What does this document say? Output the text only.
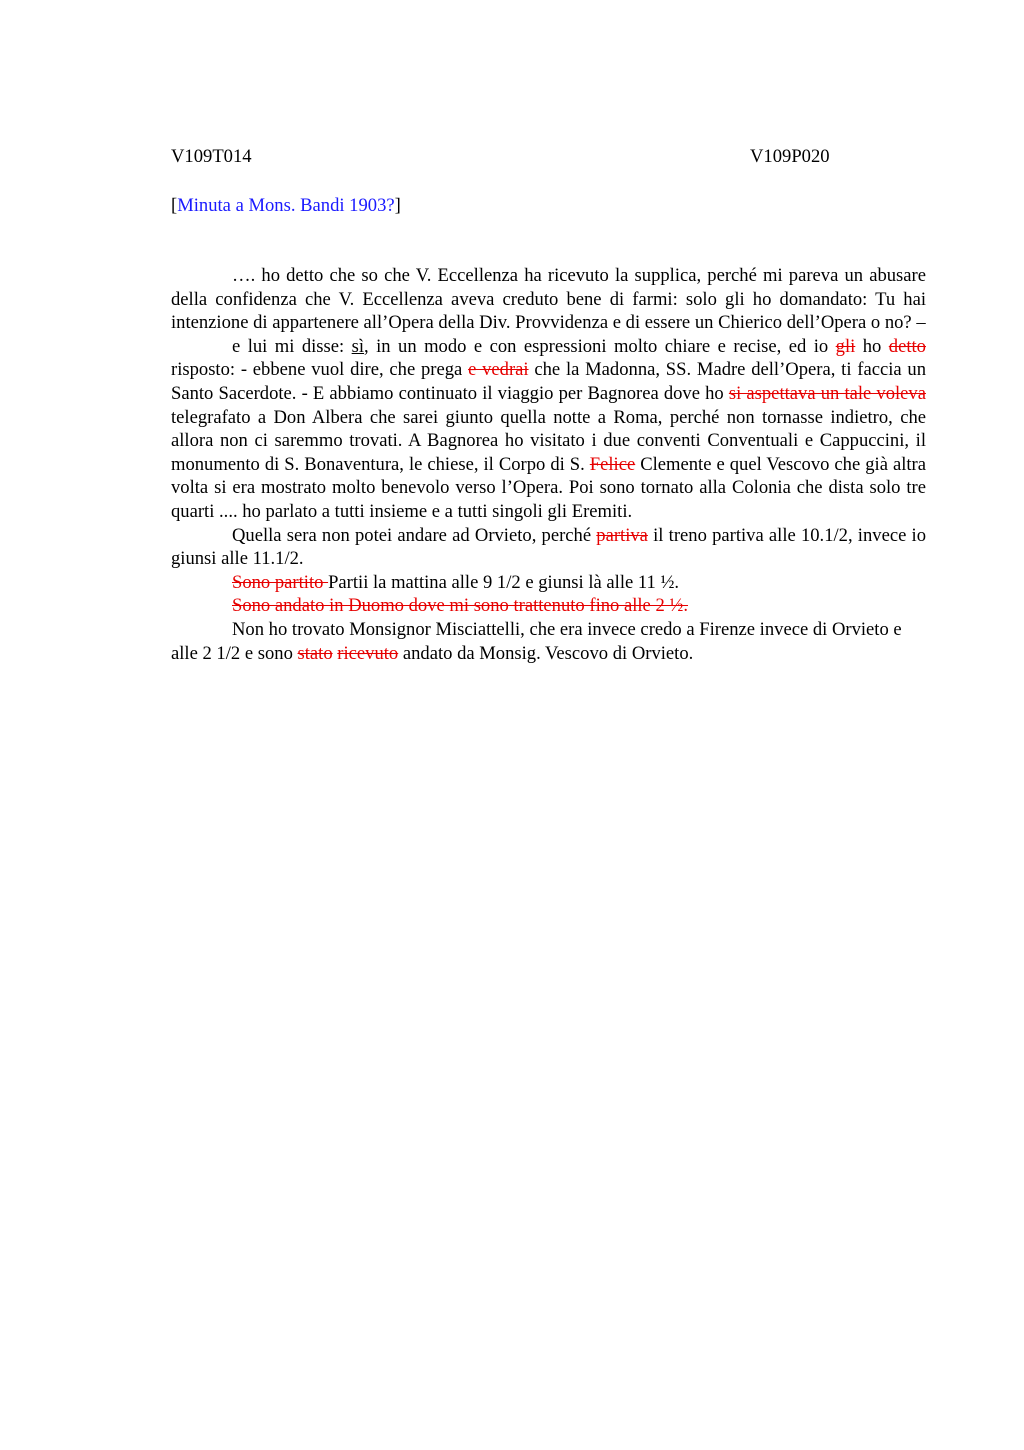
V109T014	V109P020
[Minuta a Mons. Bandi 1903?]

…. ho detto che so che V. Eccellenza ha ricevuto la supplica, perché mi pareva un abusare della confidenza che V. Eccellenza aveva creduto bene di farmi: solo gli ho domandato: Tu hai intenzione di appartenere all’Opera della Div. Provvidenza e di essere un Chierico dell’Opera o no? –

e lui mi disse: sì, in un modo e con espressioni molto chiare e recise, ed io gli ho detto risposto: - ebbene vuol dire, che prega e vedrai che la Madonna, SS. Madre dell’Opera, ti faccia un Santo Sacerdote. - E abbiamo continuato il viaggio per Bagnorea dove ho si aspettava un tale voleva telegrafato a Don Albera che sarei giunto quella notte a Roma, perché non tornasse indietro, che allora non ci saremmo trovati. A Bagnorea ho visitato i due conventi Conventuali e Cappuccini, il monumento di S. Bonaventura, le chiese, il Corpo di S. Felice Clemente e quel Vescovo che già altra volta si era mostrato molto benevolo verso l’Opera. Poi sono tornato alla Colonia che dista solo tre quarti .... ho parlato a tutti insieme e a tutti singoli gli Eremiti.

Quella sera non potei andare ad Orvieto, perché partiva il treno partiva alle 10.1/2, invece io giunsi alle 11.1/2.

Sono partito Partii la mattina alle 9 1/2 e giunsi là alle 11 ½.

Sono andato in Duomo dove mi sono trattenuto fino alle 2 ½.

Non ho trovato Monsignor Misciattelli, che era invece credo a Firenze invece di Orvieto e alle 2 1/2 e sono stato ricevuto andato da Monsig. Vescovo di Orvieto.
